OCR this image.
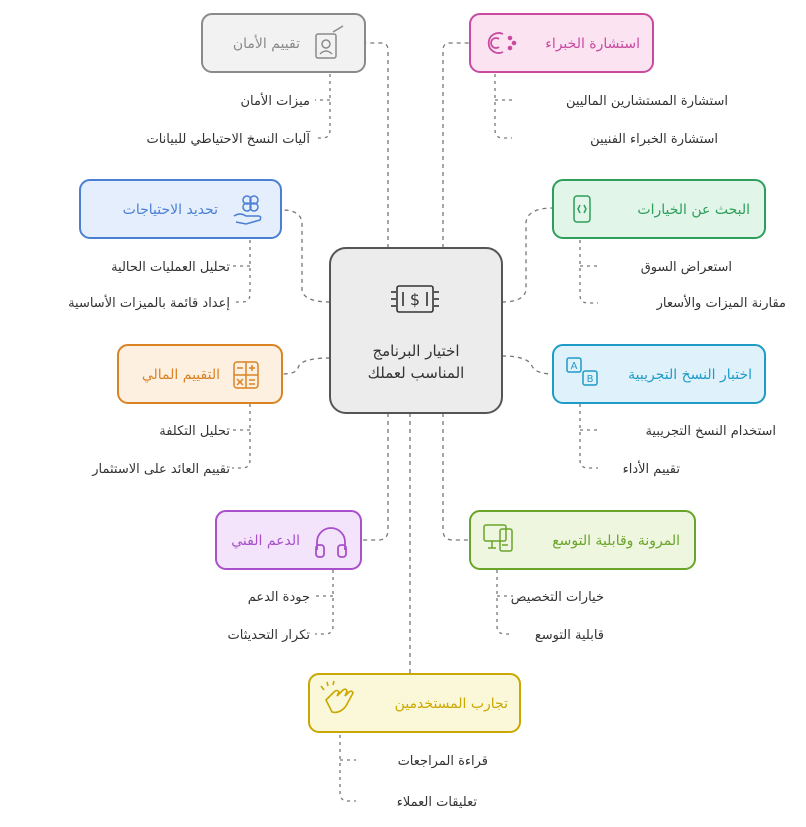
$
اختيار البرنامج
المناسب لعملك
تقييم الأمان
ميزات الأمان
آليات النسخ الاحتياطي للبيانات
استشارة الخبراء
استشارة المستشارين الماليين
استشارة الخبراء الفنيين
تحديد الاحتياجات
تحليل العمليات الحالية
إعداد قائمة بالميزات الأساسية
البحث عن الخيارات
استعراض السوق
مقارنة الميزات والأسعار
التقييم المالي
تحليل التكلفة
تقييم العائد على الاستثمار
A
B اختبار النسخ التجريبية
استخدام النسخ التجريبية
تقييم الأداء
الدعم الفني
جودة الدعم
تكرار التحديثات
المرونة وقابلية التوسع
خيارات التخصيص
قابلية التوسع
تجارب المستخدمين
قراءة المراجعات
تعليقات العملاء
